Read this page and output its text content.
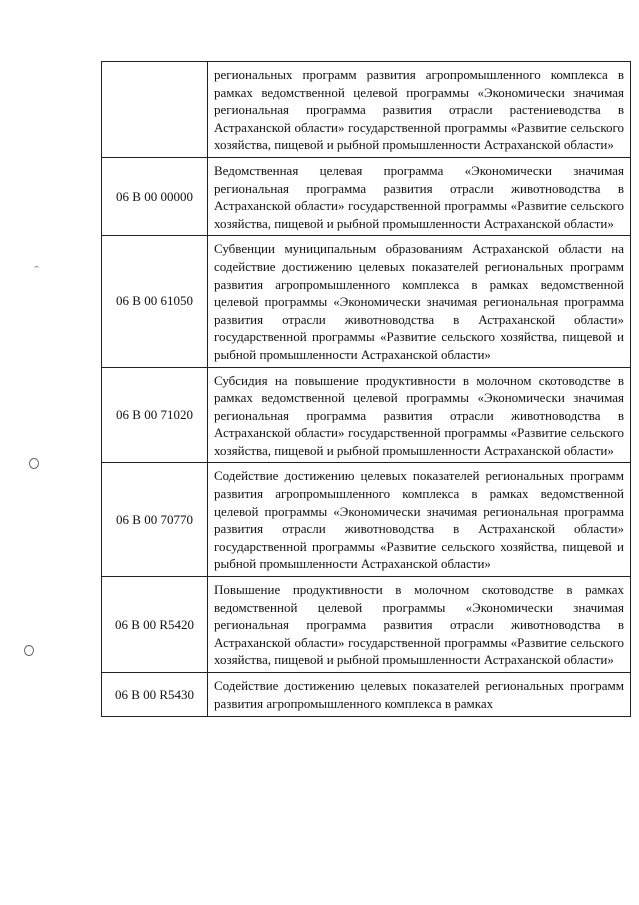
	региональных программ развития агропромышленного комплекса в рамках ведомственной целевой программы «Экономически значимая региональная программа развития отрасли растениеводства в Астраханской области» государственной программы «Развитие сельского хозяйства, пищевой и рыбной промышленности Астраханской области»
06 В 00 00000	Ведомственная целевая программа «Экономически значимая региональная программа развития отрасли животноводства в Астраханской области» государственной программы «Развитие сельского хозяйства, пищевой и рыбной промышленности Астраханской области»
06 В 00 61050	Субвенции муниципальным образованиям Астраханской области на содействие достижению целевых показателей региональных программ развития агропромышленного комплекса в рамках ведомственной целевой программы «Экономически значимая региональная программа развития отрасли животноводства в Астраханской области» государственной программы «Развитие сельского хозяйства, пищевой и рыбной промышленности Астраханской области»
06 В 00 71020	Субсидия на повышение продуктивности в молочном скотоводстве в рамках ведомственной целевой программы «Экономически значимая региональная программа развития отрасли животноводства в Астраханской области» государственной программы «Развитие сельского хозяйства, пищевой и рыбной промышленности Астраханской области»
06 В 00 70770	Содействие достижению целевых показателей региональных программ развития агропромышленного комплекса в рамках ведомственной целевой программы «Экономически значимая региональная программа развития отрасли животноводства в Астраханской области» государственной программы «Развитие сельского хозяйства, пищевой и рыбной промышленности Астраханской области»
06 В 00 R5420	Повышение продуктивности в молочном скотоводстве в рамках ведомственной целевой программы «Экономически значимая региональная программа развития отрасли животноводства в Астраханской области» государственной программы «Развитие сельского хозяйства, пищевой и рыбной промышленности Астраханской области»
06 В 00 R5430	Содействие достижению целевых показателей региональных программ развития агропромышленного комплекса в рамках
